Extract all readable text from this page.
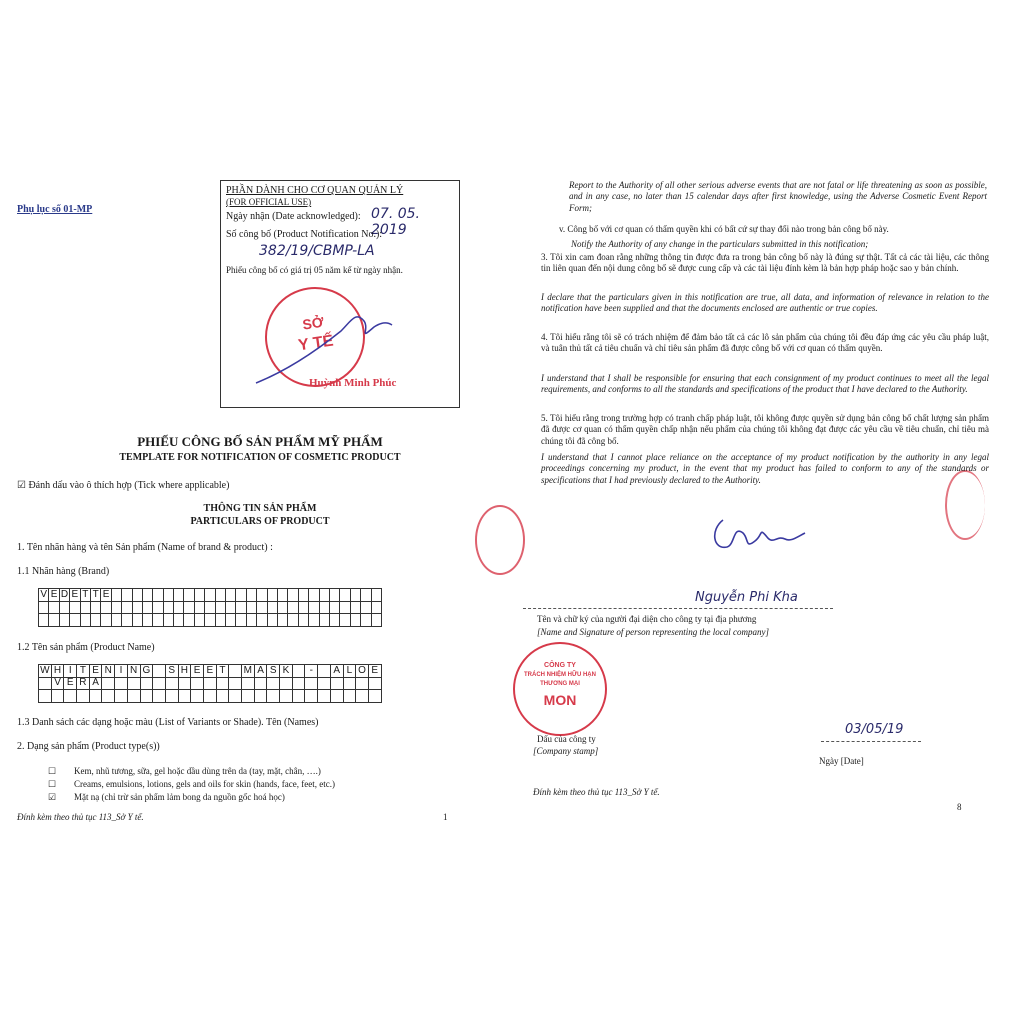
Phụ lục số 01-MP
PHẦN DÀNH CHO CƠ QUAN QUẢN LÝ
(FOR OFFICIAL USE)
Ngày nhận (Date acknowledged): 07. 05. 2019
Số công bố (Product Notification No.):
382/19/CBMP-LA
Phiếu công bố có giá trị 05 năm kể từ ngày nhận.
SỞ
Y TẾ
Huỳnh Minh Phúc
PHIẾU CÔNG BỐ SẢN PHẨM MỸ PHẨM
TEMPLATE FOR NOTIFICATION OF COSMETIC PRODUCT
☑ Đánh dấu vào ô thích hợp (Tick where applicable)
THÔNG TIN SẢN PHẨM
PARTICULARS OF PRODUCT
1. Tên nhãn hàng và tên Sản phẩm (Name of brand & product) :
1.1 Nhãn hàng (Brand)
V E D E T T E
1.2 Tên sản phẩm (Product Name)
W H I T E N I N G S H E E T	M A S K	-	A L O E
V E R A
1.3 Danh sách các dạng hoặc màu (List of Variants or Shade). Tên (Names)
2. Dạng sản phẩm (Product type(s))
☐ Kem, nhũ tương, sữa, gel hoặc dầu dùng trên da (tay, mặt, chân, ….)
☐ Creams, emulsions, lotions, gels and oils for skin (hands, face, feet, etc.)
☑ Mặt nạ (chỉ trừ sản phẩm lảm bong da nguồn gốc hoá học)
Đính kèm theo thủ tục 113_Sở Y tế.	1
Report to the Authority of all other serious adverse events that are not fatal or life threatening as soon as possible, and in any case, no later than 15 calendar days after first knowledge, using the Adverse Cosmetic Event Report Form;
v. Công bố với cơ quan có thẩm quyền khi có bất cứ sự thay đổi nào trong bản công bố này.
Notify the Authority of any change in the particulars submitted in this notification;
3. Tôi xin cam đoan rằng những thông tin được đưa ra trong bản công bố này là đúng sự thật. Tất cả các tài liệu, các thông tin liên quan đến nội dung công bố sẽ được cung cấp và các tài liệu đính kèm là bản hợp pháp hoặc sao y bản chính.
I declare that the particulars given in this notification are true, all data, and information of relevance in relation to the notification have been supplied and that the documents enclosed are authentic or true copies.
4. Tôi hiểu rằng tôi sẽ có trách nhiệm để đảm bảo tất cả các lô sản phẩm của chúng tôi đều đáp ứng các yêu cầu pháp luật, và tuân thủ tất cả tiêu chuẩn và chỉ tiêu sản phẩm đã được công bố với cơ quan có thẩm quyền.
I understand that I shall be responsible for ensuring that each consignment of my product continues to meet all the legal requirements, and conforms to all the standards and specifications of the product that I have declared to the Authority.
5. Tôi hiểu rằng trong trường hợp có tranh chấp pháp luật, tôi không được quyền sử dụng bản công bố chất lượng sản phẩm đã được cơ quan có thẩm quyền chấp nhận nếu phẩm của chúng tôi không đạt được các yêu cầu về tiêu chuẩn, chỉ tiêu mà chúng tôi đã công bố.
I understand that I cannot place reliance on the acceptance of my product notification by the authority in any legal proceedings concerning my product, in the event that my product has failed to conform to any of the standards or specifications that I had previously declared to the Authority.
Nguyễn Phi Kha
Tên và chữ ký của người đại diện cho công ty tại địa phương
[Name and Signature of person representing the local company]
CÔNG TY
TRÁCH NHIỆM HỮU HẠN
THƯƠNG MẠI
MON
Dấu của công ty
[Company stamp]
03/05/19
Ngày [Date]
Đính kèm theo thủ tục 113_Sở Y tế.
8
